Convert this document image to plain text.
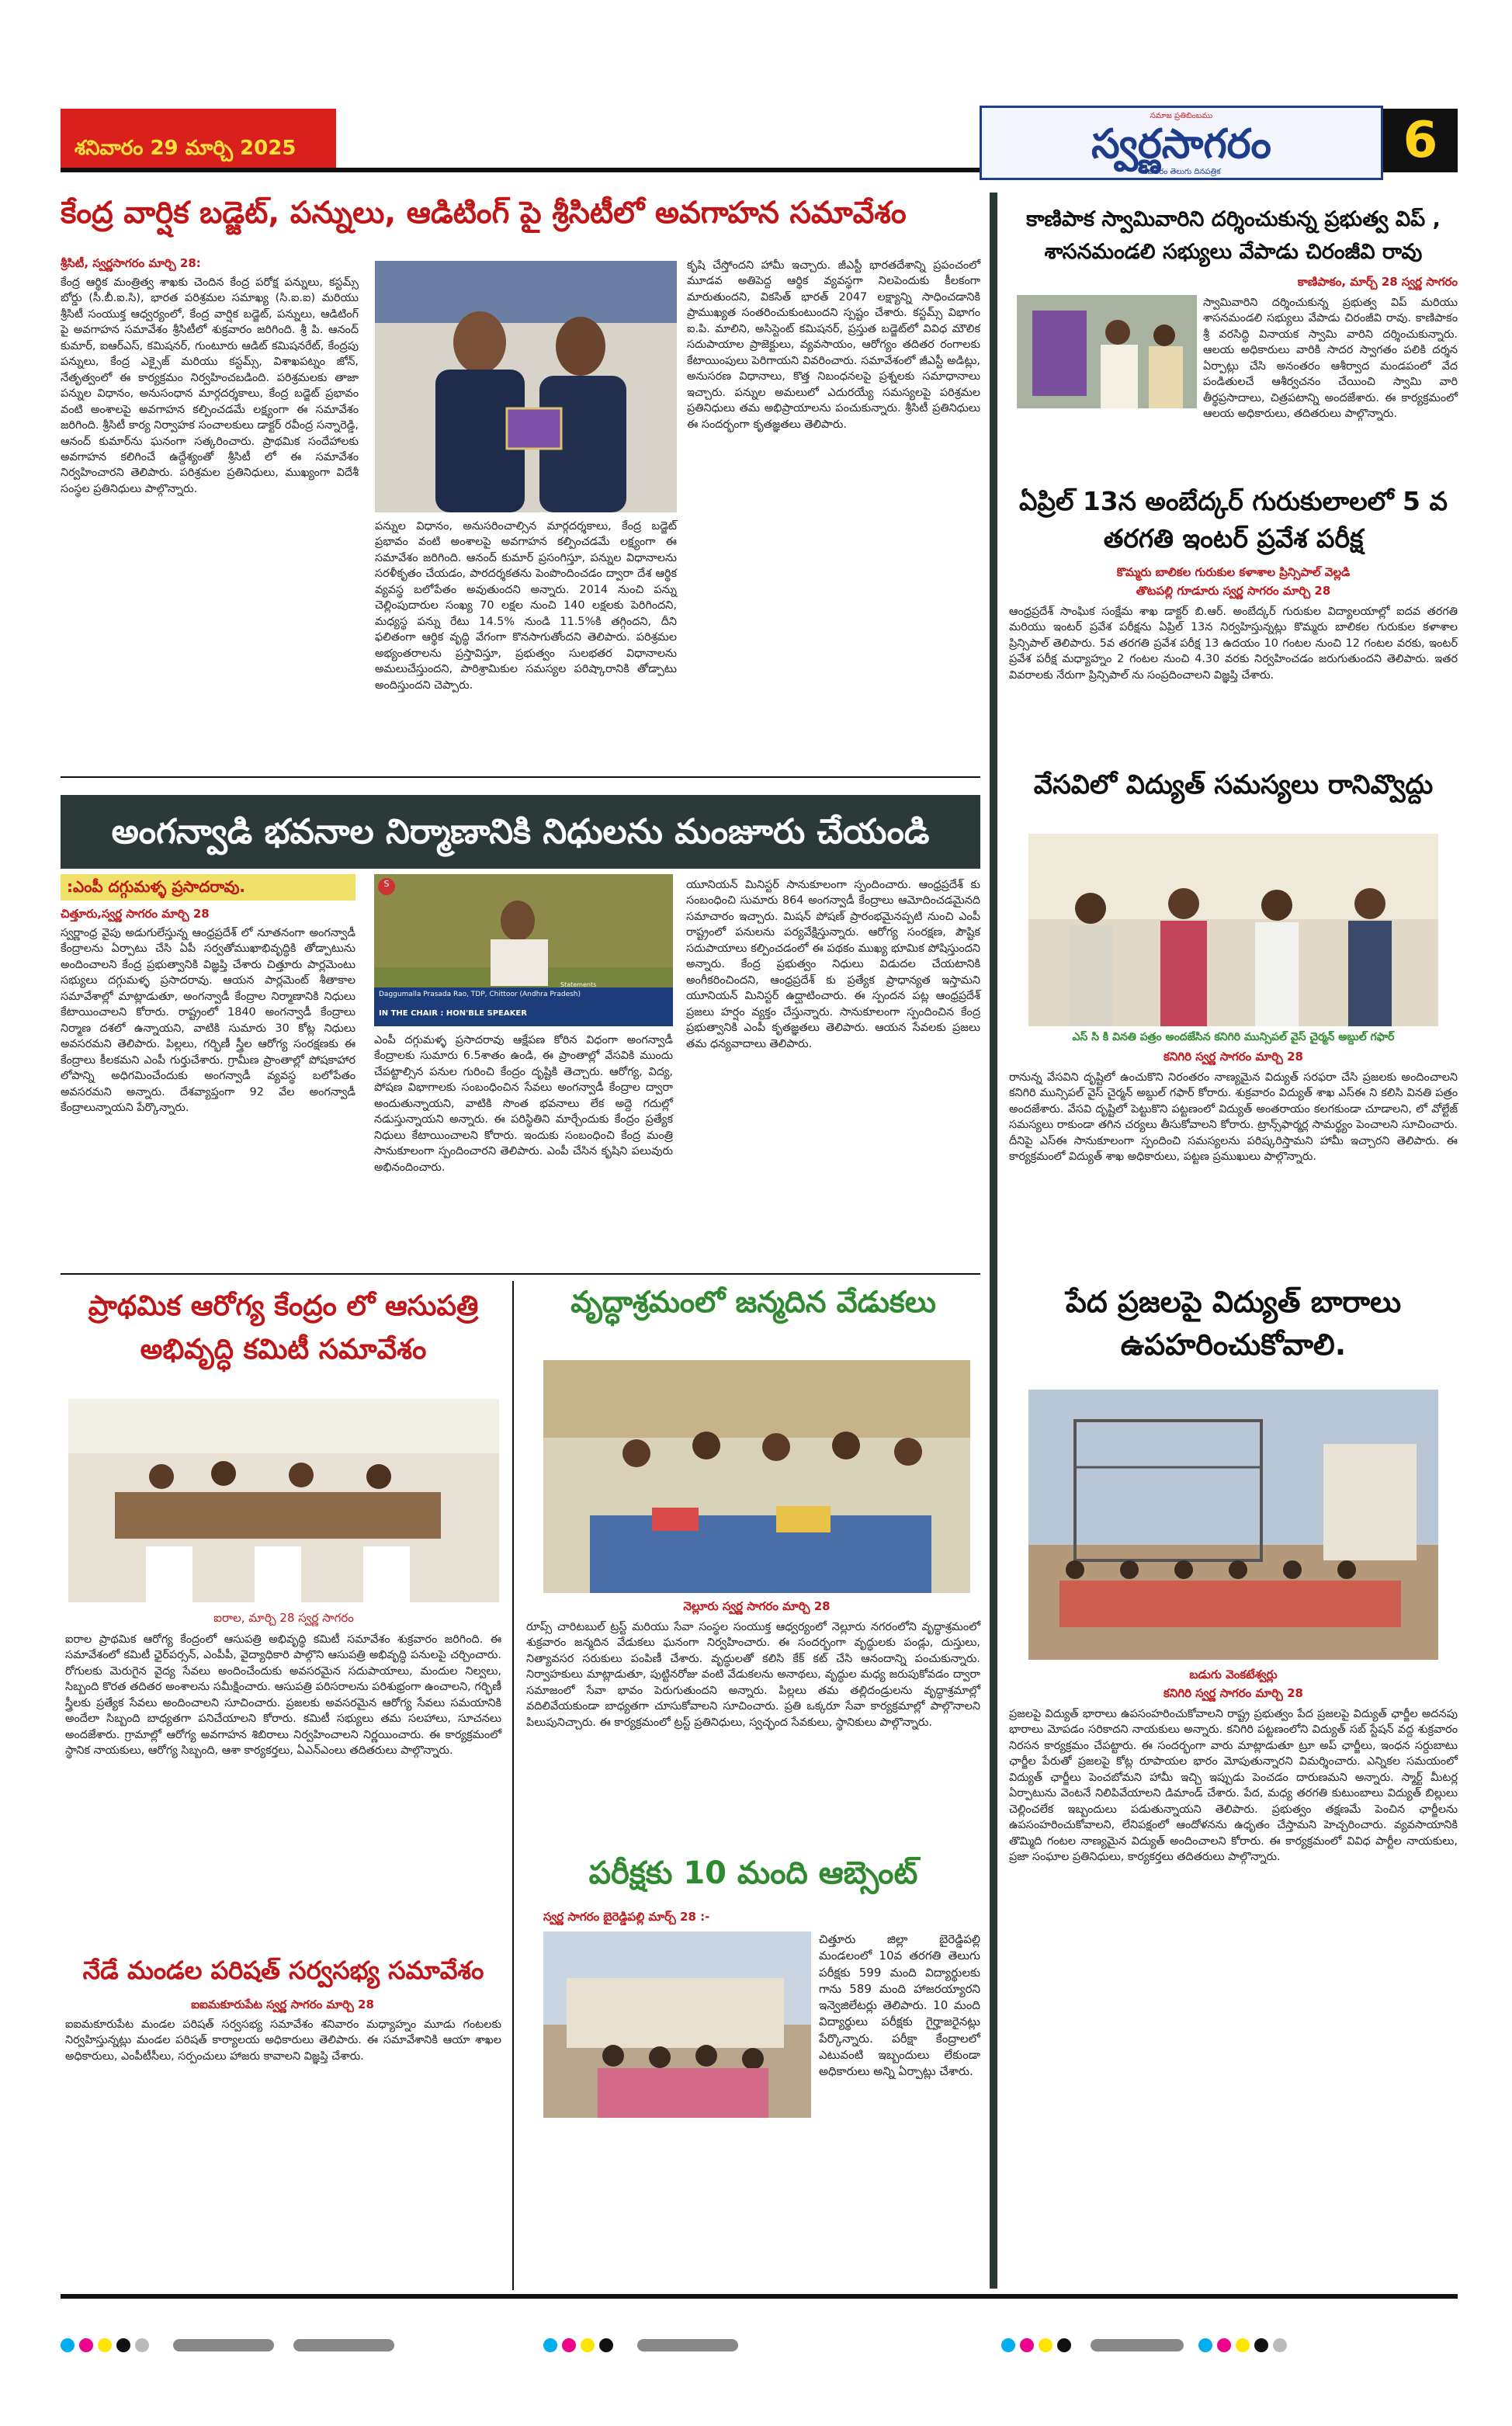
శనివారం 29 మార్చి 2025
సమాజ ప్రతిబింబము
స్వర్ణసాగరం
నవతరం తెలుగు దినపత్రిక
6
కేంద్ర వార్షిక బడ్జెట్, పన్నులు, ఆడిటింగ్ పై శ్రీసిటీలో అవగాహన సమావేశం
శ్రీసిటీ, స్వర్ణసాగరం మార్చి 28:
కేంద్ర ఆర్థిక మంత్రిత్వ శాఖకు చెందిన కేంద్ర పరోక్ష పన్నులు, కస్టమ్స్ బోర్డు (సీ.బీ.ఐ.సి), భారత పరిశ్రమల సమాఖ్య (సి.ఐ.ఐ) మరియు శ్రీసిటీ సంయుక్త ఆధ్వర్యంలో, కేంద్ర వార్షిక బడ్జెట్, పన్నులు, ఆడిటింగ్ పై అవగాహన సమావేశం శ్రీసిటీలో శుక్రవారం జరిగింది. శ్రీ పి. ఆనంద్ కుమార్, ఐఆర్ఎస్, కమిషనర్, గుంటూరు ఆడిట్ కమిషనరేట్, కేంద్రపు పన్నులు, కేంద్ర ఎక్సైజ్ మరియు కస్టమ్స్, విశాఖపట్నం జోన్, నేతృత్వంలో ఈ కార్యక్రమం నిర్వహించబడింది. పరిశ్రమలకు తాజా పన్నుల విధానం, అనుసంధాన మార్గదర్శకాలు, కేంద్ర బడ్జెట్ ప్రభావం వంటి అంశాలపై అవగాహన కల్పించడమే లక్ష్యంగా ఈ సమావేశం జరిగింది. శ్రీసిటీ కార్య నిర్వాహక సంచాలకులు డాక్టర్ రవీంద్ర సన్నారెడ్డి, ఆనంద్ కుమార్‌ను ఘనంగా సత్కరించారు. ప్రాథమిక సందేహాలకు అవగాహన కలిగించే ఉద్దేశ్యంతో శ్రీసిటీ లో ఈ సమావేశం నిర్వహించారని తెలిపారు. పరిశ్రమల ప్రతినిధులు, ముఖ్యంగా విదేశీ సంస్థల ప్రతినిధులు పాల్గొన్నారు.
పన్నుల విధానం, అనుసరించాల్సిన మార్గదర్శకాలు, కేంద్ర బడ్జెట్ ప్రభావం వంటి అంశాలపై అవగాహన కల్పించడమే లక్ష్యంగా ఈ సమావేశం జరిగింది. ఆనంద్ కుమార్ ప్రసంగిస్తూ, పన్నుల విధానాలను సరళీకృతం చేయడం, పారదర్శకతను పెంపొందించడం ద్వారా దేశ ఆర్థిక వ్యవస్థ బలోపేతం అవుతుందని అన్నారు. 2014 నుంచి పన్ను చెల్లింపుదారుల సంఖ్య 70 లక్షల నుంచి 140 లక్షలకు పెరిగిందని, మధ్యస్థ పన్ను రేటు 14.5% నుండి 11.5%కి తగ్గిందని, దీని ఫలితంగా ఆర్థిక వృద్ధి వేగంగా కొనసాగుతోందని తెలిపారు. పరిశ్రమల అభ్యంతరాలను ప్రస్తావిస్తూ, ప్రభుత్వం సులభతర విధానాలను అమలుచేస్తుందని, పారిశ్రామికుల సమస్యల పరిష్కారానికి తోడ్పాటు అందిస్తుందని చెప్పారు.
కృషి చేస్తోందని హామీ ఇచ్చారు. జీఎస్టీ భారతదేశాన్ని ప్రపంచంలో మూడవ అతిపెద్ద ఆర్థిక వ్యవస్థగా నిలపెందుకు కీలకంగా మారుతుందని, వికసిత్ భారత్ 2047 లక్ష్యాన్ని సాధించడానికి ప్రాముఖ్యత సంతరించుకుంటుందని స్పష్టం చేశారు. కస్టమ్స్ విభాగం ఐ.పి. మాలిని, అసిస్టెంట్ కమిషనర్, ప్రస్తుత బడ్జెట్‌లో వివిధ మౌలిక సదుపాయాల ప్రాజెక్టులు, వ్యవసాయం, ఆరోగ్యం తదితర రంగాలకు కేటాయింపులు పెరిగాయని వివరించారు. సమావేశంలో జీఎస్టీ అడిట్లు, అనుసరణ విధానాలు, కొత్త నిబంధనలపై ప్రశ్నలకు సమాధానాలు ఇచ్చారు. పన్నుల అమలులో ఎదురయ్యే సమస్యలపై పరిశ్రమల ప్రతినిధులు తమ అభిప్రాయాలను పంచుకున్నారు. శ్రీసిటీ ప్రతినిధులు ఈ సందర్భంగా కృతజ్ఞతలు తెలిపారు.
అంగన్వాడి భవనాల నిర్మాణానికి నిధులను మంజూరు చేయండి
:ఎంపీ దగ్గుమళ్ళ ప్రసాదరావు.
చిత్తూరు,స్వర్ణ సాగరం మార్చి 28
స్వర్ణాంధ్ర వైపు అడుగులేస్తున్న ఆంధ్రప్రదేశ్ లో నూతనంగా అంగన్వాడీ కేంద్రాలను ఏర్పాటు చేసి ఏపీ సర్వతోముఖాభివృద్ధికి తోడ్పాటును అందించాలని కేంద్ర ప్రభుత్వానికి విజ్ఞప్తి చేశారు చిత్తూరు పార్లమెంటు సభ్యులు దగ్గుమళ్ళ ప్రసాదరావు. ఆయన పార్లమెంట్ శీతాకాల సమావేశాల్లో మాట్లాడుతూ, అంగన్వాడీ కేంద్రాల నిర్మాణానికి నిధులు కేటాయించాలని కోరారు. రాష్ట్రంలో 1840 అంగన్వాడీ కేంద్రాలు నిర్మాణ దశలో ఉన్నాయని, వాటికి సుమారు 30 కోట్ల నిధులు అవసరమని తెలిపారు. పిల్లలు, గర్భిణీ స్త్రీల ఆరోగ్య సంరక్షణకు ఈ కేంద్రాలు కీలకమని ఎంపీ గుర్తుచేశారు. గ్రామీణ ప్రాంతాల్లో పోషకాహార లోపాన్ని అధిగమించేందుకు అంగన్వాడీ వ్యవస్థ బలోపేతం అవసరమని అన్నారు. దేశవ్యాప్తంగా 92 వేల అంగన్వాడీ కేంద్రాలున్నాయని పేర్కొన్నారు.
S
Statements
Daggumalla Prasada Rao, TDP, Chittoor (Andhra Pradesh)
IN THE CHAIR : HON'BLE SPEAKER
ఎంపీ దగ్గుమళ్ళ ప్రసాదరావు ఆక్షేపణ కోరిన విధంగా అంగన్వాడీ కేంద్రాలకు సుమారు 6.5శాతం ఉండి, ఈ ప్రాంతాల్లో వేసవికి ముందు చేపట్టాల్సిన పనుల గురించి కేంద్రం దృష్టికి తెచ్చారు. ఆరోగ్య, విద్య, పోషణ విభాగాలకు సంబంధించిన సేవలు అంగన్వాడీ కేంద్రాల ద్వారా అందుతున్నాయని, వాటికి సొంత భవనాలు లేక అద్దె గదుల్లో నడుస్తున్నాయని అన్నారు. ఈ పరిస్థితిని మార్చేందుకు కేంద్రం ప్రత్యేక నిధులు కేటాయించాలని కోరారు. ఇందుకు సంబంధించి కేంద్ర మంత్రి సానుకూలంగా స్పందించారని తెలిపారు. ఎంపీ చేసిన కృషిని పలువురు అభినందించారు.
యూనియన్ మినిస్టర్ సానుకూలంగా స్పందించారు. ఆంధ్రప్రదేశ్ కు సంబంధించి సుమారు 864 అంగన్వాడీ కేంద్రాలు ఆమోదించడమైనది సమాచారం ఇచ్చారు. మిషన్ పోషణ్ ప్రారంభమైనప్పటి నుంచి ఎంపీ రాష్ట్రంలో పనులను పర్యవేక్షిస్తున్నారు. ఆరోగ్య సంరక్షణ, పౌష్టిక సదుపాయాలు కల్పించడంలో ఈ పథకం ముఖ్య భూమిక పోషిస్తుందని అన్నారు. కేంద్ర ప్రభుత్వం నిధులు విడుదల చేయటానికి అంగీకరించిందని, ఆంధ్రప్రదేశ్ కు ప్రత్యేక ప్రాధాన్యత ఇస్తామని యూనియన్ మినిస్టర్ ఉద్ఘాటించారు. ఈ స్పందన పట్ల ఆంధ్రప్రదేశ్ ప్రజలు హర్షం వ్యక్తం చేస్తున్నారు. సానుకూలంగా స్పందించిన కేంద్ర ప్రభుత్వానికి ఎంపీ కృతజ్ఞతలు తెలిపారు. ఆయన సేవలకు ప్రజలు తమ ధన్యవాదాలు తెలిపారు.
ప్రాథమిక ఆరోగ్య కేంద్రం లో ఆసుపత్రి అభివృద్ధి కమిటీ సమావేశం
ఐరాల, మార్చి 28 స్వర్ణ సాగరం
ఐరాల ప్రాథమిక ఆరోగ్య కేంద్రంలో ఆసుపత్రి అభివృద్ధి కమిటీ సమావేశం శుక్రవారం జరిగింది. ఈ సమావేశంలో కమిటీ ఛైర్‌పర్సన్, ఎంపీపీ, వైద్యాధికారి పాల్గొని ఆసుపత్రి అభివృద్ధి పనులపై చర్చించారు. రోగులకు మెరుగైన వైద్య సేవలు అందించేందుకు అవసరమైన సదుపాయాలు, మందుల నిల్వలు, సిబ్బంది కొరత తదితర అంశాలను సమీక్షించారు. ఆసుపత్రి పరిసరాలను పరిశుభ్రంగా ఉంచాలని, గర్భిణీ స్త్రీలకు ప్రత్యేక సేవలు అందించాలని సూచించారు. ప్రజలకు అవసరమైన ఆరోగ్య సేవలు సమయానికి అందేలా సిబ్బంది బాధ్యతగా పనిచేయాలని కోరారు. కమిటీ సభ్యులు తమ సలహాలు, సూచనలు అందజేశారు. గ్రామాల్లో ఆరోగ్య అవగాహన శిబిరాలు నిర్వహించాలని నిర్ణయించారు. ఈ కార్యక్రమంలో స్థానిక నాయకులు, ఆరోగ్య సిబ్బంది, ఆశా కార్యకర్తలు, ఏఎన్ఎంలు తదితరులు పాల్గొన్నారు.
నేడే మండల పరిషత్ సర్వసభ్య సమావేశం
ఐఐమకూరుపేట స్వర్ణ సాగరం మార్చి 28
ఐఐమకూరుపేట మండల పరిషత్ సర్వసభ్య సమావేశం శనివారం మధ్యాహ్నం మూడు గంటలకు నిర్వహిస్తున్నట్లు మండల పరిషత్ కార్యాలయ అధికారులు తెలిపారు. ఈ సమావేశానికి ఆయా శాఖల అధికారులు, ఎంపీటీసీలు, సర్పంచులు హాజరు కావాలని విజ్ఞప్తి చేశారు.
వృద్ధాశ్రమంలో జన్మదిన వేడుకలు
నెల్లూరు స్వర్ణ సాగరం మార్చి 28
రూప్స్ చారిటబుల్ ట్రస్ట్ మరియు సేవా సంస్థల సంయుక్త ఆధ్వర్యంలో నెల్లూరు నగరంలోని వృద్ధాశ్రమంలో శుక్రవారం జన్మదిన వేడుకలు ఘనంగా నిర్వహించారు. ఈ సందర్భంగా వృద్ధులకు పండ్లు, దుస్తులు, నిత్యావసర సరుకులు పంపిణీ చేశారు. వృద్ధులతో కలిసి కేక్ కట్ చేసి ఆనందాన్ని పంచుకున్నారు. నిర్వాహకులు మాట్లాడుతూ, పుట్టినరోజు వంటి వేడుకలను అనాథలు, వృద్ధుల మధ్య జరుపుకోవడం ద్వారా సమాజంలో సేవా భావం పెరుగుతుందని అన్నారు. పిల్లలు తమ తల్లిదండ్రులను వృద్ధాశ్రమాల్లో వదిలివేయకుండా బాధ్యతగా చూసుకోవాలని సూచించారు. ప్రతి ఒక్కరూ సేవా కార్యక్రమాల్లో పాల్గొనాలని పిలుపునిచ్చారు. ఈ కార్యక్రమంలో ట్రస్ట్ ప్రతినిధులు, స్వచ్ఛంద సేవకులు, స్థానికులు పాల్గొన్నారు.
పరీక్షకు 10 మంది ఆబ్సెంట్
స్వర్ణ సాగరం బైరెడ్డిపల్లి మార్చ్ 28 :-
చిత్తూరు జిల్లా బైరెడ్డిపల్లి మండలంలో 10వ తరగతి తెలుగు పరీక్షకు 599 మంది విద్యార్థులకు గాను 589 మంది హాజరయ్యారని ఇన్వెజిలేటర్లు తెలిపారు. 10 మంది విద్యార్థులు పరీక్షకు గైర్హాజరైనట్లు పేర్కొన్నారు. పరీక్షా కేంద్రాలలో ఎటువంటి ఇబ్బందులు లేకుండా అధికారులు అన్ని ఏర్పాట్లు చేశారు.
కాణిపాక స్వామివారిని దర్శించుకున్న ప్రభుత్వ విప్ , శాసనమండలి సభ్యులు వేపాడు చిరంజీవి రావు
కాణిపాకం, మార్చ్ 28 స్వర్ణ సాగరం
స్వామివారిని దర్శించుకున్న ప్రభుత్వ విప్ మరియు శాసనమండలి సభ్యులు వేపాడు చిరంజీవి రావు. కాణిపాకం శ్రీ వరసిద్ధి వినాయక స్వామి వారిని దర్శించుకున్నారు. ఆలయ అధికారులు వారికి సాదర స్వాగతం పలికి దర్శన ఏర్పాట్లు చేసి అనంతరం ఆశీర్వాద మండపంలో వేద పండితులచే ఆశీర్వచనం చేయించి స్వామి వారి తీర్థప్రసాదాలు, చిత్రపటాన్ని అందజేశారు. ఈ కార్యక్రమంలో ఆలయ అధికారులు, తదితరులు పాల్గొన్నారు.
ఏప్రిల్ 13న అంబేద్కర్ గురుకులాలలో 5 వ తరగతి ఇంటర్ ప్రవేశ పరీక్ష
కొమ్మరు బాలికల గురుకుల కళాశాల ప్రిన్సిపాల్ వెల్లడి
తొటపల్లి గూడూరు స్వర్ణ సాగరం మార్చి 28
ఆంధ్రప్రదేశ్ సాంఘిక సంక్షేమ శాఖ డాక్టర్ బి.ఆర్. అంబేద్కర్ గురుకుల విద్యాలయాల్లో ఐదవ తరగతి మరియు ఇంటర్ ప్రవేశ పరీక్షను ఏప్రిల్ 13న నిర్వహిస్తున్నట్లు కొమ్మరు బాలికల గురుకుల కళాశాల ప్రిన్సిపాల్ తెలిపారు. 5వ తరగతి ప్రవేశ పరీక్ష 13 ఉదయం 10 గంటల నుంచి 12 గంటల వరకు, ఇంటర్ ప్రవేశ పరీక్ష మధ్యాహ్నం 2 గంటల నుంచి 4.30 వరకు నిర్వహించడం జరుగుతుందని తెలిపారు. ఇతర వివరాలకు నేరుగా ప్రిన్సిపాల్ ను సంప్రదించాలని విజ్ఞప్తి చేశారు.
వేసవిలో విద్యుత్ సమస్యలు రానివ్వొద్దు
ఎస్ సి కి వినతి పత్రం అందజేసిన కనిగిరి మున్సిపల్ వైస్ చైర్మన్ అబ్దుల్ గఫార్
కనిగిరి స్వర్ణ సాగరం మార్చి 28
రానున్న వేసవిని దృష్టిలో ఉంచుకొని నిరంతరం నాణ్యమైన విద్యుత్ సరఫరా చేసి ప్రజలకు అందించాలని కనిగిరి మున్సిపల్ వైస్ చైర్మన్ అబ్దుల్ గఫార్ కోరారు. శుక్రవారం విద్యుత్ శాఖ ఎస్ఈ ని కలిసి వినతి పత్రం అందజేశారు. వేసవి దృష్టిలో పెట్టుకొని పట్టణంలో విద్యుత్ అంతరాయం కలగకుండా చూడాలని, లో వోల్టేజ్ సమస్యలు రాకుండా తగిన చర్యలు తీసుకోవాలని కోరారు. ట్రాన్స్‌ఫార్మర్ల సామర్థ్యం పెంచాలని సూచించారు. దీనిపై ఎస్ఈ సానుకూలంగా స్పందించి సమస్యలను పరిష్కరిస్తామని హామీ ఇచ్చారని తెలిపారు. ఈ కార్యక్రమంలో విద్యుత్ శాఖ అధికారులు, పట్టణ ప్రముఖులు పాల్గొన్నారు.
పేద ప్రజలపై విద్యుత్ బారాలు ఉపహరించుకోవాలి.
బడుగు వెంకటేశ్వర్లు
కనిగిరి స్వర్ణ సాగరం మార్చి 28
ప్రజలపై విద్యుత్ భారాలు ఉపసంహరించుకోవాలని రాష్ట్ర ప్రభుత్వం పేద ప్రజలపై విద్యుత్ ఛార్జీల అదనపు భారాలు మోపడం సరికాదని నాయకులు అన్నారు. కనిగిరి పట్టణంలోని విద్యుత్ సబ్ స్టేషన్ వద్ద శుక్రవారం నిరసన కార్యక్రమం చేపట్టారు. ఈ సందర్భంగా వారు మాట్లాడుతూ ట్రూ అప్ ఛార్జీలు, ఇంధన సర్దుబాటు ఛార్జీల పేరుతో ప్రజలపై కోట్ల రూపాయల భారం మోపుతున్నారని విమర్శించారు. ఎన్నికల సమయంలో విద్యుత్ ఛార్జీలు పెంచబోమని హామీ ఇచ్చి ఇప్పుడు పెంచడం దారుణమని అన్నారు. స్మార్ట్ మీటర్ల ఏర్పాటును వెంటనే నిలిపివేయాలని డిమాండ్ చేశారు. పేద, మధ్య తరగతి కుటుంబాలు విద్యుత్ బిల్లులు చెల్లించలేక ఇబ్బందులు పడుతున్నాయని తెలిపారు. ప్రభుత్వం తక్షణమే పెంచిన ఛార్జీలను ఉపసంహరించుకోవాలని, లేనిపక్షంలో ఆందోళనను ఉధృతం చేస్తామని హెచ్చరించారు. వ్యవసాయానికి తొమ్మిది గంటల నాణ్యమైన విద్యుత్ అందించాలని కోరారు. ఈ కార్యక్రమంలో వివిధ పార్టీల నాయకులు, ప్రజా సంఘాల ప్రతినిధులు, కార్యకర్తలు తదితరులు పాల్గొన్నారు.
